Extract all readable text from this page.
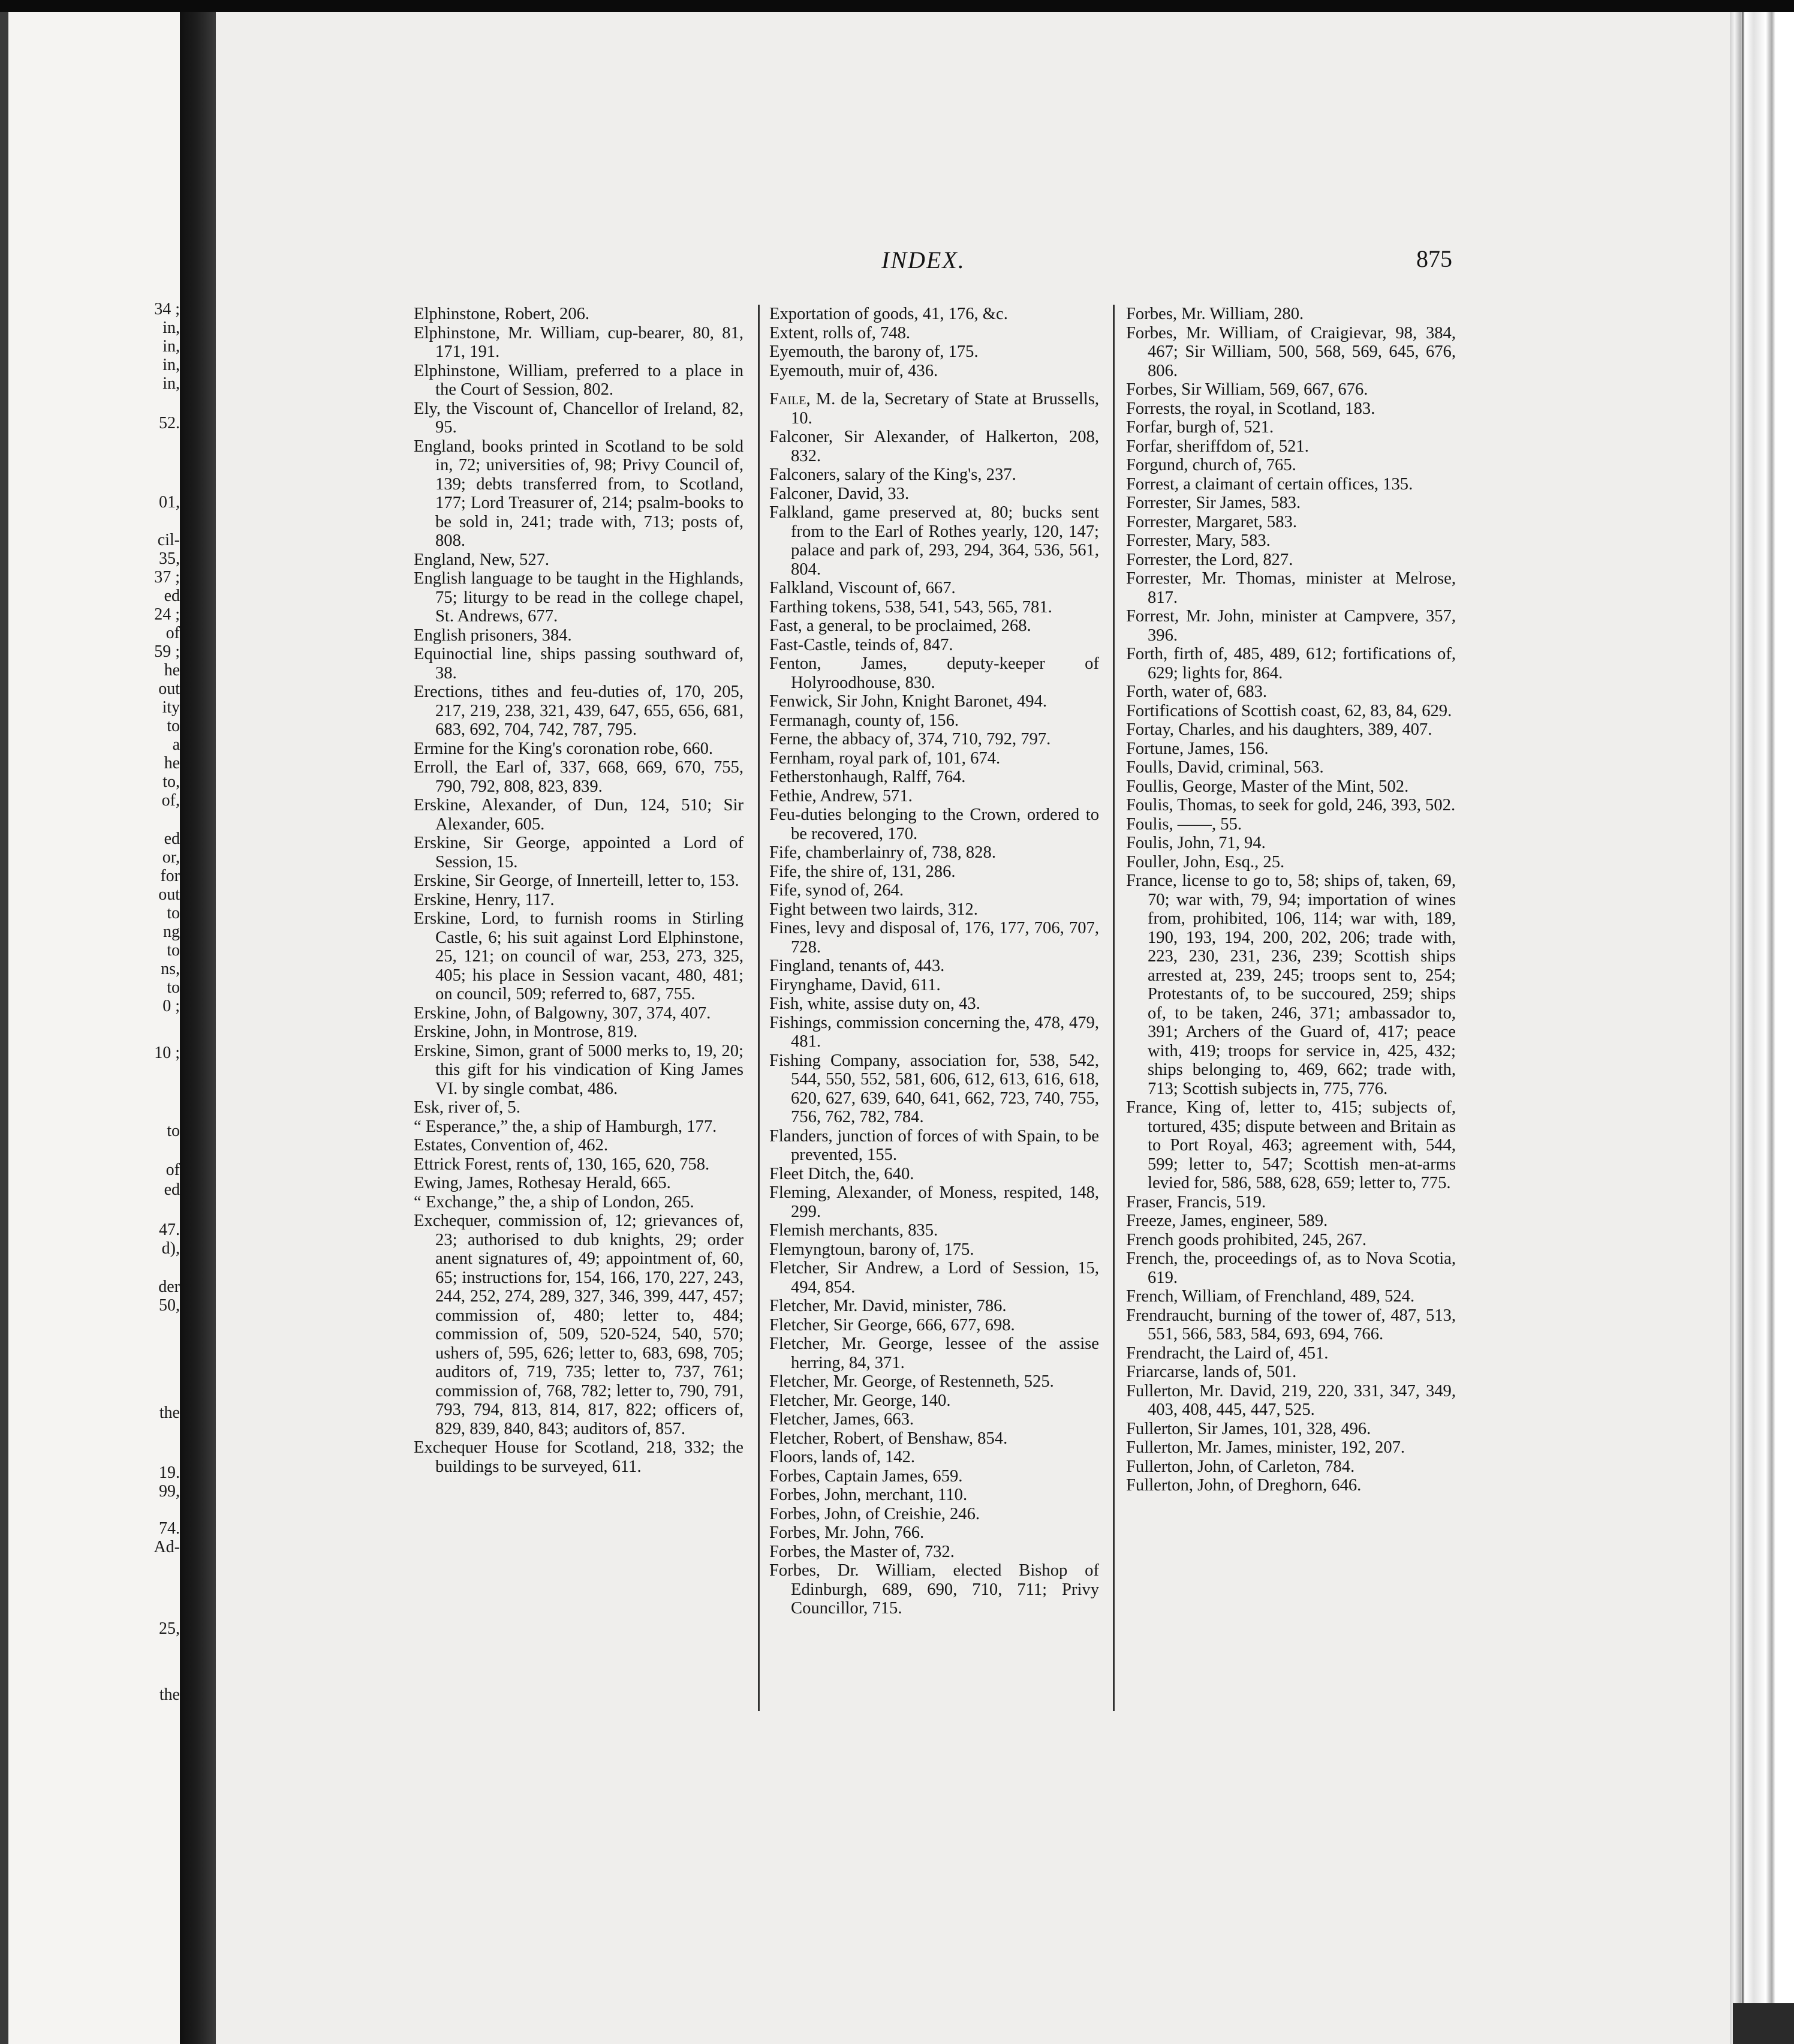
34 ;
in,
in,
in,
in,
52.
01,
cil-
35,
37 ;
ed
24 ;
of
59 ;
he
out
ity
to
a
he
to,
of,
ed
or,
for
out
to
ng
to
ns,
to
0 ;
10 ;
to
of
ed
47.
d),
der
50,
the
19.
99,
74.
Ad-
25,
the
INDEX.	875

Elphinstone, Robert, 206.

Elphinstone, Mr. William, cup-bearer, 80, 81, 171, 191.

Elphinstone, William, preferred to a place in the Court of Session, 802.

Ely, the Viscount of, Chancellor of Ireland, 82, 95.

England, books printed in Scotland to be sold in, 72; universities of, 98; Privy Council of, 139; debts transferred from, to Scotland, 177; Lord Treasurer of, 214; psalm-books to be sold in, 241; trade with, 713; posts of, 808.

England, New, 527.

English language to be taught in the Highlands, 75; liturgy to be read in the college chapel, St. Andrews, 677.

English prisoners, 384.

Equinoctial line, ships passing southward of, 38.

Erections, tithes and feu-duties of, 170, 205, 217, 219, 238, 321, 439, 647, 655, 656, 681, 683, 692, 704, 742, 787, 795.

Ermine for the King's coronation robe, 660.

Erroll, the Earl of, 337, 668, 669, 670, 755, 790, 792, 808, 823, 839.

Erskine, Alexander, of Dun, 124, 510; Sir Alexander, 605.

Erskine, Sir George, appointed a Lord of Session, 15.

Erskine, Sir George, of Innerteill, letter to, 153.

Erskine, Henry, 117.

Erskine, Lord, to furnish rooms in Stirling Castle, 6; his suit against Lord Elphinstone, 25, 121; on council of war, 253, 273, 325, 405; his place in Session vacant, 480, 481; on council, 509; referred to, 687, 755.

Erskine, John, of Balgowny, 307, 374, 407.

Erskine, John, in Montrose, 819.

Erskine, Simon, grant of 5000 merks to, 19, 20; this gift for his vindication of King James VI. by single combat, 486.

Esk, river of, 5.

“ Esperance,” the, a ship of Hamburgh, 177.

Estates, Convention of, 462.

Ettrick Forest, rents of, 130, 165, 620, 758.

Ewing, James, Rothesay Herald, 665.

“ Exchange,” the, a ship of London, 265.

Exchequer, commission of, 12; grievances of, 23; authorised to dub knights, 29; order anent signatures of, 49; appointment of, 60, 65; instructions for, 154, 166, 170, 227, 243, 244, 252, 274, 289, 327, 346, 399, 447, 457; commission of, 480; letter to, 484; commission of, 509, 520-524, 540, 570; ushers of, 595, 626; letter to, 683, 698, 705; auditors of, 719, 735; letter to, 737, 761; commission of, 768, 782; letter to, 790, 791, 793, 794, 813, 814, 817, 822; officers of, 829, 839, 840, 843; auditors of, 857.

Exchequer House for Scotland, 218, 332; the buildings to be surveyed, 611.

Exportation of goods, 41, 176, &c.

Extent, rolls of, 748.

Eyemouth, the barony of, 175.

Eyemouth, muir of, 436.

Faile, M. de la, Secretary of State at Brussells, 10.

Falconer, Sir Alexander, of Halkerton, 208, 832.

Falconers, salary of the King's, 237.

Falconer, David, 33.

Falkland, game preserved at, 80; bucks sent from to the Earl of Rothes yearly, 120, 147; palace and park of, 293, 294, 364, 536, 561, 804.

Falkland, Viscount of, 667.

Farthing tokens, 538, 541, 543, 565, 781.

Fast, a general, to be proclaimed, 268.

Fast-Castle, teinds of, 847.

Fenton, James, deputy-keeper of Holyroodhouse, 830.

Fenwick, Sir John, Knight Baronet, 494.

Fermanagh, county of, 156.

Ferne, the abbacy of, 374, 710, 792, 797.

Fernham, royal park of, 101, 674.

Fetherstonhaugh, Ralff, 764.

Fethie, Andrew, 571.

Feu-duties belonging to the Crown, ordered to be recovered, 170.

Fife, chamberlainry of, 738, 828.

Fife, the shire of, 131, 286.

Fife, synod of, 264.

Fight between two lairds, 312.

Fines, levy and disposal of, 176, 177, 706, 707, 728.

Fingland, tenants of, 443.

Firynghame, David, 611.

Fish, white, assise duty on, 43.

Fishings, commission concerning the, 478, 479, 481.

Fishing Company, association for, 538, 542, 544, 550, 552, 581, 606, 612, 613, 616, 618, 620, 627, 639, 640, 641, 662, 723, 740, 755, 756, 762, 782, 784.

Flanders, junction of forces of with Spain, to be prevented, 155.

Fleet Ditch, the, 640.

Fleming, Alexander, of Moness, respited, 148, 299.

Flemish merchants, 835.

Flemyngtoun, barony of, 175.

Fletcher, Sir Andrew, a Lord of Session, 15, 494, 854.

Fletcher, Mr. David, minister, 786.

Fletcher, Sir George, 666, 677, 698.

Fletcher, Mr. George, lessee of the assise herring, 84, 371.

Fletcher, Mr. George, of Restenneth, 525.

Fletcher, Mr. George, 140.

Fletcher, James, 663.

Fletcher, Robert, of Benshaw, 854.

Floors, lands of, 142.

Forbes, Captain James, 659.

Forbes, John, merchant, 110.

Forbes, John, of Creishie, 246.

Forbes, Mr. John, 766.

Forbes, the Master of, 732.

Forbes, Dr. William, elected Bishop of Edinburgh, 689, 690, 710, 711; Privy Councillor, 715.

Forbes, Mr. William, 280.

Forbes, Mr. William, of Craigievar, 98, 384, 467; Sir William, 500, 568, 569, 645, 676, 806.

Forbes, Sir William, 569, 667, 676.

Forrests, the royal, in Scotland, 183.

Forfar, burgh of, 521.

Forfar, sheriffdom of, 521.

Forgund, church of, 765.

Forrest, a claimant of certain offices, 135.

Forrester, Sir James, 583.

Forrester, Margaret, 583.

Forrester, Mary, 583.

Forrester, the Lord, 827.

Forrester, Mr. Thomas, minister at Melrose, 817.

Forrest, Mr. John, minister at Campvere, 357, 396.

Forth, firth of, 485, 489, 612; fortifications of, 629; lights for, 864.

Forth, water of, 683.

Fortifications of Scottish coast, 62, 83, 84, 629.

Fortay, Charles, and his daughters, 389, 407.

Fortune, James, 156.

Foulls, David, criminal, 563.

Foullis, George, Master of the Mint, 502.

Foulis, Thomas, to seek for gold, 246, 393, 502.

Foulis, ——, 55.

Foulis, John, 71, 94.

Fouller, John, Esq., 25.

France, license to go to, 58; ships of, taken, 69, 70; war with, 79, 94; importation of wines from, prohibited, 106, 114; war with, 189, 190, 193, 194, 200, 202, 206; trade with, 223, 230, 231, 236, 239; Scottish ships arrested at, 239, 245; troops sent to, 254; Protestants of, to be succoured, 259; ships of, to be taken, 246, 371; ambassador to, 391; Archers of the Guard of, 417; peace with, 419; troops for service in, 425, 432; ships belonging to, 469, 662; trade with, 713; Scottish subjects in, 775, 776.

France, King of, letter to, 415; subjects of, tortured, 435; dispute between and Britain as to Port Royal, 463; agreement with, 544, 599; letter to, 547; Scottish men-at-arms levied for, 586, 588, 628, 659; letter to, 775.

Fraser, Francis, 519.

Freeze, James, engineer, 589.

French goods prohibited, 245, 267.

French, the, proceedings of, as to Nova Scotia, 619.

French, William, of Frenchland, 489, 524.

Frendraucht, burning of the tower of, 487, 513, 551, 566, 583, 584, 693, 694, 766.

Frendracht, the Laird of, 451.

Friarcarse, lands of, 501.

Fullerton, Mr. David, 219, 220, 331, 347, 349, 403, 408, 445, 447, 525.

Fullerton, Sir James, 101, 328, 496.

Fullerton, Mr. James, minister, 192, 207.

Fullerton, John, of Carleton, 784.

Fullerton, John, of Dreghorn, 646.
